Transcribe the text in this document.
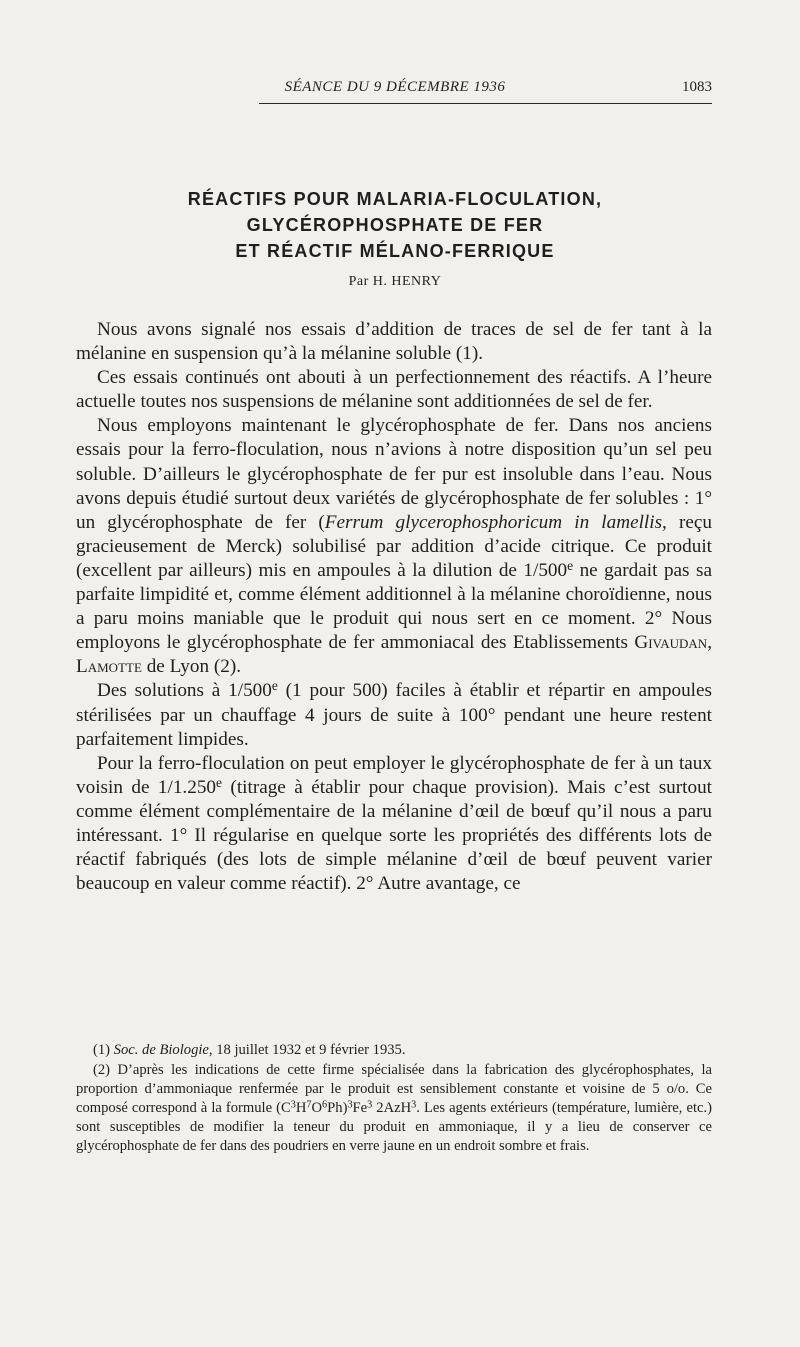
SÉANCE DU 9 DÉCEMBRE 1936	1083
RÉACTIFS POUR MALARIA-FLOCULATION,
GLYCÉROPHOSPHATE DE FER
ET RÉACTIF MÉLANO-FERRIQUE
Par H. HENRY

Nous avons signalé nos essais d’addition de traces de sel de fer tant à la mélanine en suspension qu’à la mélanine soluble (1).

Ces essais continués ont abouti à un perfectionnement des réactifs. A l’heure actuelle toutes nos suspensions de mélanine sont additionnées de sel de fer.

Nous employons maintenant le glycérophosphate de fer. Dans nos anciens essais pour la ferro-floculation, nous n’avions à notre disposition qu’un sel peu soluble. D’ailleurs le glycérophosphate de fer pur est insoluble dans l’eau. Nous avons depuis étudié surtout deux variétés de glycérophosphate de fer solubles : 1° un glycérophosphate de fer (Ferrum glycerophosphoricum in lamellis, reçu gracieusement de Merck) solubilisé par addition d’acide citrique. Ce produit (excellent par ailleurs) mis en ampoules à la dilution de 1/500e ne gardait pas sa parfaite limpidité et, comme élément additionnel à la mélanine choroïdienne, nous a paru moins maniable que le produit qui nous sert en ce moment. 2° Nous employons le glycérophosphate de fer ammoniacal des Etablissements Givaudan, Lamotte de Lyon (2).

Des solutions à 1/500e (1 pour 500) faciles à établir et répartir en ampoules stérilisées par un chauffage 4 jours de suite à 100° pendant une heure restent parfaitement limpides.

Pour la ferro-floculation on peut employer le glycérophosphate de fer à un taux voisin de 1/1.250e (titrage à établir pour chaque provision). Mais c’est surtout comme élément complémentaire de la mélanine d’œil de bœuf qu’il nous a paru intéressant. 1° Il régularise en quelque sorte les propriétés des différents lots de réactif fabriqués (des lots de simple mélanine d’œil de bœuf peuvent varier beaucoup en valeur comme réactif). 2° Autre avantage, ce

(1) Soc. de Biologie, 18 juillet 1932 et 9 février 1935.

(2) D’après les indications de cette firme spécialisée dans la fabrication des glycérophosphates, la proportion d’ammoniaque renfermée par le produit est sensiblement constante et voisine de 5 o/o. Ce composé correspond à la formule $(C^3H^7O^6Ph)^3Fe^3$ 2AzH$^3$. Les agents extérieurs (température, lumière, etc.) sont susceptibles de modifier la teneur du produit en ammoniaque, il y a lieu de conserver ce glycérophosphate de fer dans des poudriers en verre jaune en un endroit sombre et frais.
